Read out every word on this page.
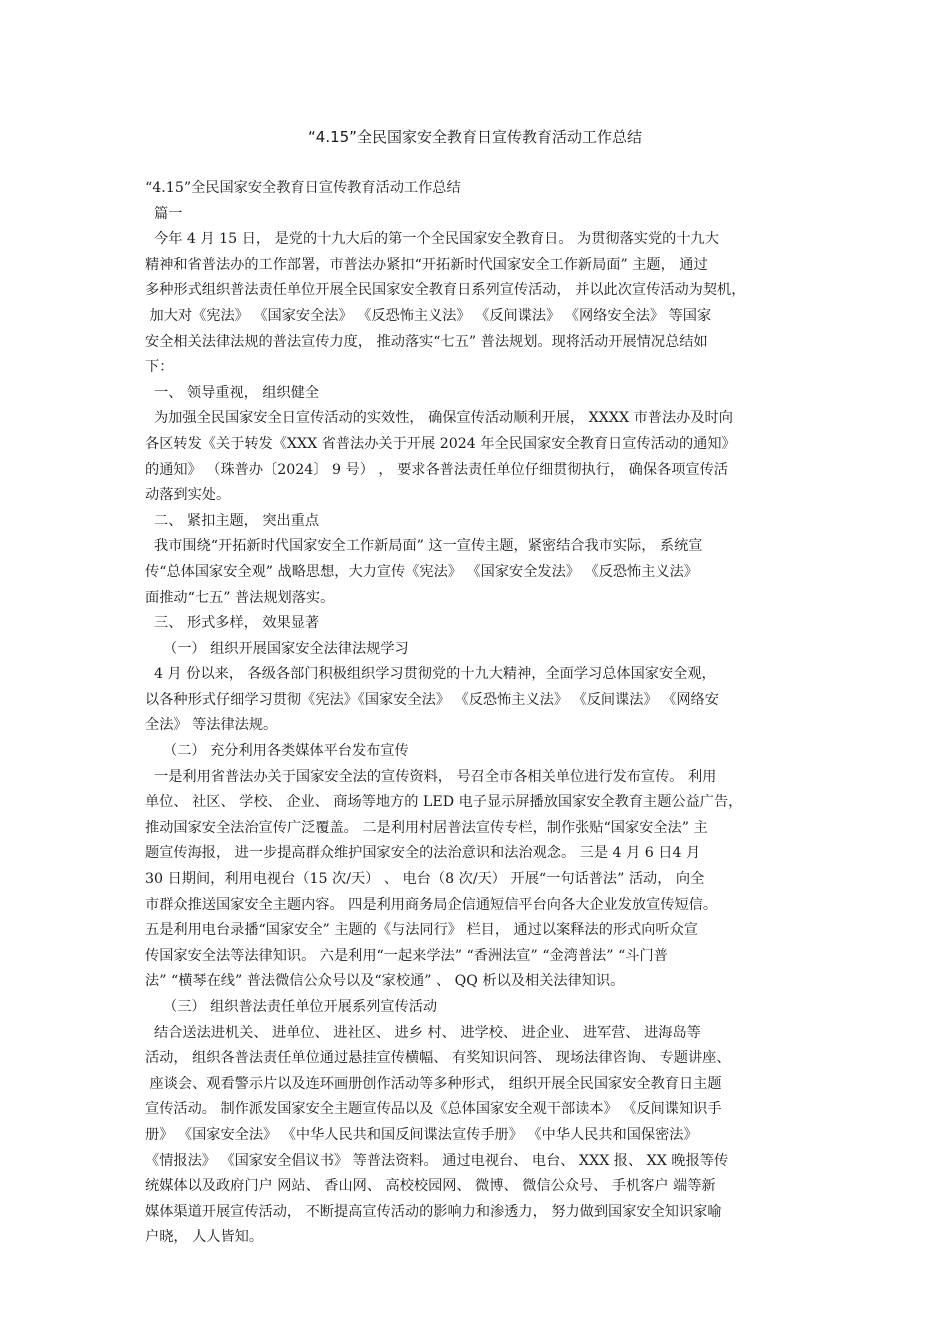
“4.15”全民国家安全教育日宣传教育活动工作总结
“4.15”全民国家安全教育日宣传教育活动工作总结
篇一
今年 4 月 15 日， 是党的十九大后的第一个全民国家安全教育日。 为贯彻落实党的十九大
精神和省普法办的工作部署，市普法办紧扣“开拓新时代国家安全工作新局面” 主题， 通过
多种形式组织普法责任单位开展全民国家安全教育日系列宣传活动， 并以此次宣传活动为契机，
加大对《宪法》 《国家安全法》 《反恐怖主义法》 《反间谍法》 《网络安全法》 等国家
安全相关法律法规的普法宣传力度， 推动落实“七五” 普法规划。现将活动开展情况总结如
下：
一、 领导重视， 组织健全
为加强全民国家安全日宣传活动的实效性， 确保宣传活动顺利开展， XXXX 市普法办及时向
各区转发《关于转发《XXX 省普法办关于开展 2024 年全民国家安全教育日宣传活动的通知》
的通知》 （珠普办〔2024〕 9 号） ， 要求各普法责任单位仔细贯彻执行， 确保各项宣传活
动落到实处。
二、 紧扣主题， 突出重点
我市围绕“开拓新时代国家安全工作新局面” 这一宣传主题，紧密结合我市实际， 系统宣
传“总体国家安全观” 战略思想，大力宣传《宪法》 《国家安全发法》 《反恐怖主义法》
面推动“七五” 普法规划落实。
三、 形式多样， 效果显著
（一） 组织开展国家安全法律法规学习
4 月 份以来， 各级各部门积极组织学习贯彻党的十九大精神，全面学习总体国家安全观，
以各种形式仔细学习贯彻《宪法》《国家安全法》 《反恐怖主义法》 《反间谍法》 《网络安
全法》 等法律法规。
（二） 充分利用各类媒体平台发布宣传
一是利用省普法办关于国家安全法的宣传资料， 号召全市各相关单位进行发布宣传。 利用
单位、 社区、 学校、 企业、 商场等地方的 LED 电子显示屏播放国家安全教育主题公益广告，
推动国家安全法治宣传广泛覆盖。 二是利用村居普法宣传专栏，制作张贴“国家安全法” 主
题宣传海报， 进一步提高群众维护国家安全的法治意识和法治观念。 三是 4 月 6 日4 月
30 日期间，利用电视台（15 次/天） 、 电台（8 次/天） 开展“一句话普法” 活动， 向全
市群众推送国家安全主题内容。 四是利用商务局企信通短信平台向各大企业发放宣传短信。
五是利用电台录播“国家安全” 主题的《与法同行》 栏目， 通过以案释法的形式向听众宣
传国家安全法等法律知识。 六是利用“一起来学法” “香洲法宣” “金湾普法” “斗门普
法” “横琴在线” 普法微信公众号以及“家校通” 、 QQ 析以及相关法律知识。
（三） 组织普法责任单位开展系列宣传活动
结合送法进机关、 进单位、 进社区、 进乡 村、 进学校、 进企业、 进军营、 进海岛等
活动， 组织各普法责任单位通过悬挂宣传横幅、 有奖知识问答、 现场法律咨询、 专题讲座、
座谈会、观看警示片以及连环画册创作活动等多种形式， 组织开展全民国家安全教育日主题
宣传活动。 制作派发国家安全主题宣传品以及《总体国家安全观干部读本》 《反间谍知识手
册》 《国家安全法》 《中华人民共和国反间谍法宣传手册》 《中华人民共和国保密法》
《情报法》 《国家安全倡议书》 等普法资料。 通过电视台、 电台、 XXX 报、 XX 晚报等传
统媒体以及政府门户 网站、 香山网、 高校校园网、 微博、 微信公众号、 手机客户 端等新
媒体渠道开展宣传活动， 不断提高宣传活动的影响力和渗透力， 努力做到国家安全知识家喻
户晓， 人人皆知。
